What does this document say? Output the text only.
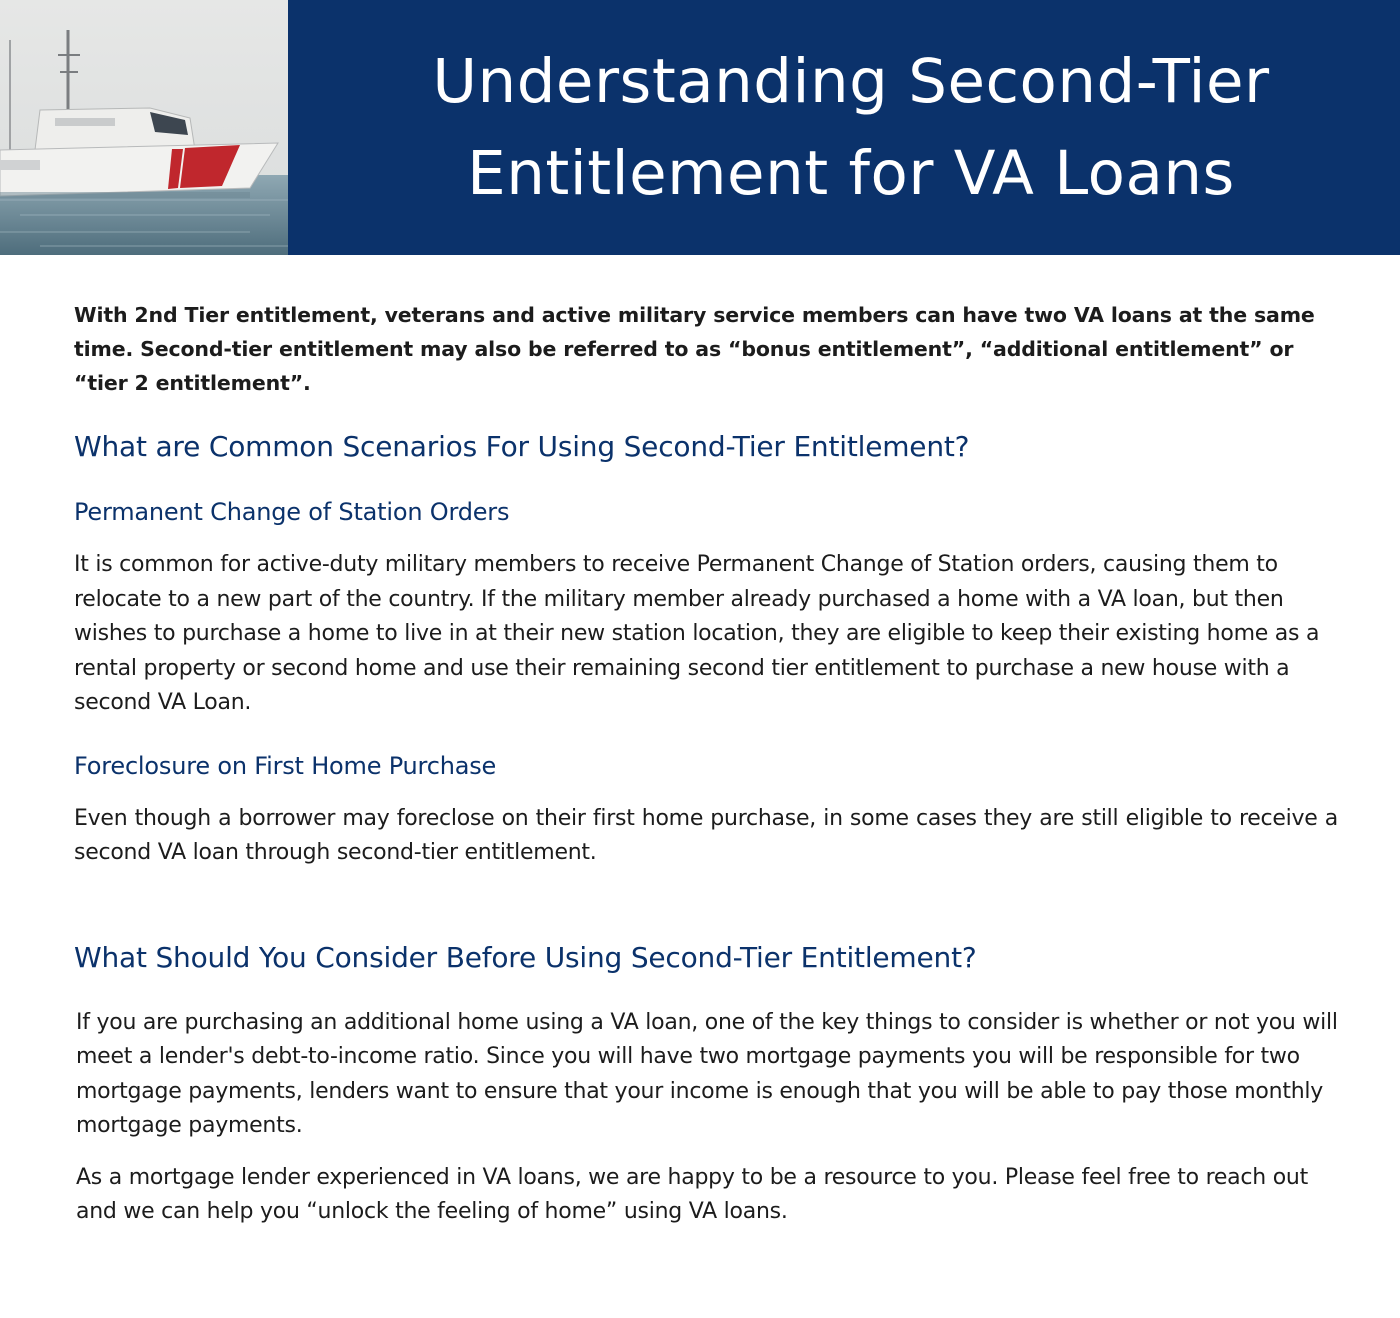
Understanding Second-Tier
Entitlement for VA Loans

With 2nd Tier entitlement, veterans and active military service members can have two VA loans at the same time. Second-tier entitlement may also be referred to as “bonus entitlement”, “additional entitlement” or “tier 2 entitlement”.

What are Common Scenarios For Using Second-Tier Entitlement?
Permanent Change of Station Orders

It is common for active-duty military members to receive Permanent Change of Station orders, causing them to relocate to a new part of the country. If the military member already purchased a home with a VA loan, but then wishes to purchase a home to live in at their new station location, they are eligible to keep their existing home as a rental property or second home and use their remaining second tier entitlement to purchase a new house with a second VA Loan.

Foreclosure on First Home Purchase

Even though a borrower may foreclose on their first home purchase, in some cases they are still eligible to receive a second VA loan through second-tier entitlement.

What Should You Consider Before Using Second-Tier Entitlement?

If you are purchasing an additional home using a VA loan, one of the key things to consider is whether or not you will meet a lender's debt-to-income ratio. Since you will have two mortgage payments you will be responsible for two mortgage payments, lenders want to ensure that your income is enough that you will be able to pay those monthly mortgage payments.

As a mortgage lender experienced in VA loans, we are happy to be a resource to you. Please feel free to reach out and we can help you “unlock the feeling of home” using VA loans.
